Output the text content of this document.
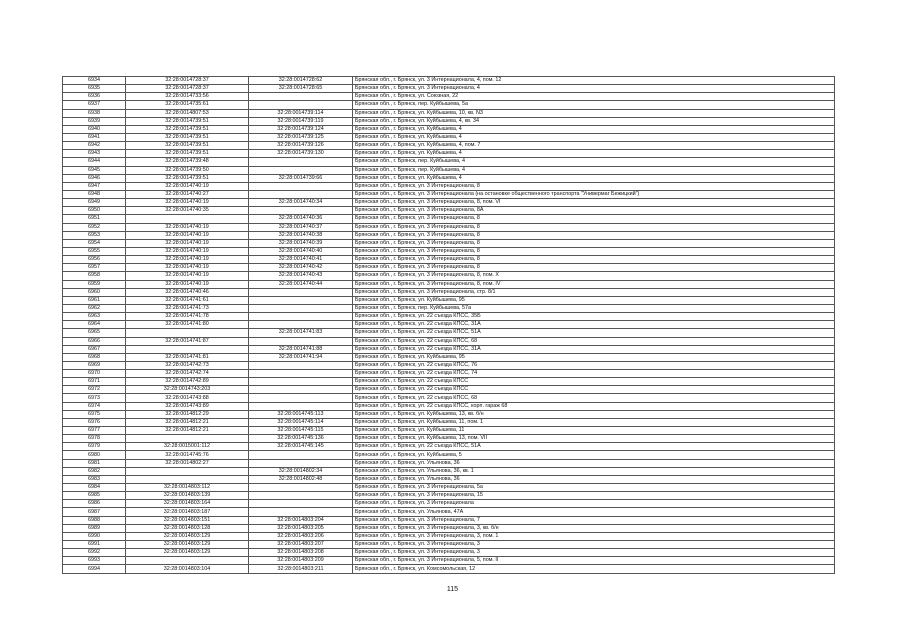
6934	32:28:0014728:37	32:28:0014728:62	Брянская обл., г. Брянск, ул. 3 Интернационала, 4, пом. 12
6935	32:28:0014728:37	32:28:0014728:65	Брянская обл., г. Брянск, ул. 3 Интернационала, 4
6936	32:28:0014733:56		Брянская обл., г. Брянск, ул. Союзная, 22
6937	32:28:0014735:61		Брянская обл., г. Брянск, пер. Куйбышева, 5а
6938	32:28:0014807:53	32:28:0014739:114	Брянская обл., г. Брянск, ул. Куйбышева, 10, кв. N3
6939	32:28:0014739:51	32:28:0014739:119	Брянская обл., г. Брянск, ул. Куйбышева, 4, кв. 34
6940	32:28:0014739:51	32:28:0014739:124	Брянская обл., г. Брянск, ул. Куйбышева, 4
6941	32:28:0014739:51	32:28:0014739:125	Брянская обл., г. Брянск, ул. Куйбышева, 4
6942	32:28:0014739:51	32:28:0014739:126	Брянская обл., г. Брянск, ул. Куйбышева, 4, пом. 7
6943	32:28:0014739:51	32:28:0014739:130	Брянская обл., г. Брянск, ул. Куйбышева, 4
6944	32:28:0014739:48		Брянская обл., г. Брянск, пер. Куйбышева, 4
6945	32:28:0014739:50		Брянская обл., г. Брянск, пер. Куйбышева, 4
6946	32:28:0014739:51	32:28:0014739:66	Брянская обл., г. Брянск, ул. Куйбышева, 4
6947	32:28:0014740:19		Брянская обл., г. Брянск, ул. 3 Интернационала, 8
6948	32:28:0014740:27		Брянская обл., г. Брянск, ул. 3 Интернационала (на остановке общественного транспорта "Универмаг Бежицкий")
6949	32:28:0014740:19	32:28:0014740:34	Брянская обл., г. Брянск, ул. 3 Интернационала, 8, пом. VI
6950	32:28:0014740:35		Брянская обл., г. Брянск, ул. 3 Интернационала, 8А
6951		32:28:0014740:36	Брянская обл., г. Брянск, ул. 3 Интернационала, 8
6952	32:28:0014740:19	32:28:0014740:37	Брянская обл., г. Брянск, ул. 3 Интернационала, 8
6953	32:28:0014740:19	32:28:0014740:38	Брянская обл., г. Брянск, ул. 3 Интернационала, 8
6954	32:28:0014740:19	32:28:0014740:39	Брянская обл., г. Брянск, ул. 3 Интернационала, 8
6955	32:28:0014740:19	32:28:0014740:40	Брянская обл., г. Брянск, ул. 3 Интернационала, 8
6956	32:28:0014740:19	32:28:0014740:41	Брянская обл., г. Брянск, ул. 3 Интернационала, 8
6957	32:28:0014740:19	32:28:0014740:42	Брянская обл., г. Брянск, ул. 3 Интернационала, 8
6958	32:28:0014740:19	32:28:0014740:43	Брянская обл., г. Брянск, ул. 3 Интернационала, 8, пом. X
6959	32:28:0014740:19	32:28:0014740:44	Брянская обл., г. Брянск, ул. 3 Интернационала, 8, пом. IV
6960	32:28:0014740:46		Брянская обл., г. Брянск, ул. 3 Интернационала, стр. 8/1
6961	32:28:0014741:61		Брянская обл., г. Брянск, ул. Куйбышева, 95
6962	32:28:0014741:73		Брянская обл., г. Брянск, пер. Куйбышева, 57а
6963	32:28:0014741:78		Брянская обл., г. Брянск, ул. 22 съезда КПСС, 35Б
6964	32:28:0014741:80		Брянская обл., г. Брянск, ул. 22 съезда КПСС, 31А
6965		32:28:0014741:83	Брянская обл., г. Брянск, ул. 22 съезда КПСС, 51А
6966	32:28:0014741:87		Брянская обл., г. Брянск, ул. 22 съезда КПСС, 68
6967		32:28:0014741:88	Брянская обл., г. Брянск, ул. 22 съезда КПСС, 31А
6968	32:28:0014741:81	32:28:0014741:94	Брянская обл., г. Брянск, ул. Куйбышева, 95
6969	32:28:0014742:73		Брянская обл., г. Брянск, ул. 22 съезда КПСС, 76
6970	32:28:0014742:74		Брянская обл., г. Брянск, ул. 22 съезда КПСС, 74
6971	32:28:0014742:89		Брянская обл., г. Брянск, ул. 22 съезда КПСС
6972	32:28:0014743:203		Брянская обл., г. Брянск, ул. 22 съезда КПСС
6973	32:28:0014743:88		Брянская обл., г. Брянск, ул. 22 съезда КПСС, 68
6974	32:28:0014743:89		Брянская обл., г. Брянск, ул. 22 съезда КПСС, корп. гараж 68
6975	32:28:0014812:29	32:28:0014745:113	Брянская обл., г. Брянск, ул. Куйбышева, 13, кв. б/н
6976	32:28:0014812:21	32:28:0014745:114	Брянская обл., г. Брянск, ул. Куйбышева, 11, пом. 1
6977	32:28:0014812:21	32:28:0014745:115	Брянская обл., г. Брянск, ул. Куйбышева, 11
6978		32:28:0014745:136	Брянская обл., г. Брянск, ул. Куйбышева, 13, пом. VII
6979	32:28:0015001:112	32:28:0014745:145	Брянская обл., г. Брянск, ул. 22 съезда КПСС, 51А
6980	32:28:0014745:76		Брянская обл., г. Брянск, ул. Куйбышева, 5
6981	32:28:0014802:27		Брянская обл., г. Брянск, ул. Ульянова, 36
6982		32:28:0014802:34	Брянская обл., г. Брянск, ул. Ульянова, 36, кв. 1
6983		32:28:0014802:48	Брянская обл., г. Брянск, ул. Ульянова, 36
6984	32:28:0014803:112		Брянская обл., г. Брянск, ул. 3 Интернационала, 5а
6985	32:28:0014803:139		Брянская обл., г. Брянск, ул. 3 Интернационала, 15
6986	32:28:0014803:164		Брянская обл., г. Брянск, ул. 3 Интернационала
6987	32:28:0014803:187		Брянская обл., г. Брянск, ул. Ульянова, 47А
6988	32:28:0014803:151	32:28:0014803:204	Брянская обл., г. Брянск, ул. 3 Интернационала, 7
6989	32:28:0014803:128	32:28:0014803:205	Брянская обл., г. Брянск, ул. 3 Интернационала, 3, кв. б/н
6990	32:28:0014803:129	32:28:0014803:206	Брянская обл., г. Брянск, ул. 3 Интернационала, 3, пом. 1
6991	32:28:0014803:129	32:28:0014803:207	Брянская обл., г. Брянск, ул. 3 Интернационала, 3
6992	32:28:0014803:129	32:28:0014803:208	Брянская обл., г. Брянск, ул. 3 Интернационала, 3
6993		32:28:0014803:209	Брянская обл., г. Брянск, ул. 3 Интернационала, 5, пом. II
6994	32:28:0014803:104	32:28:0014803:211	Брянская обл., г. Брянск, ул. Комсомольская, 12
115
